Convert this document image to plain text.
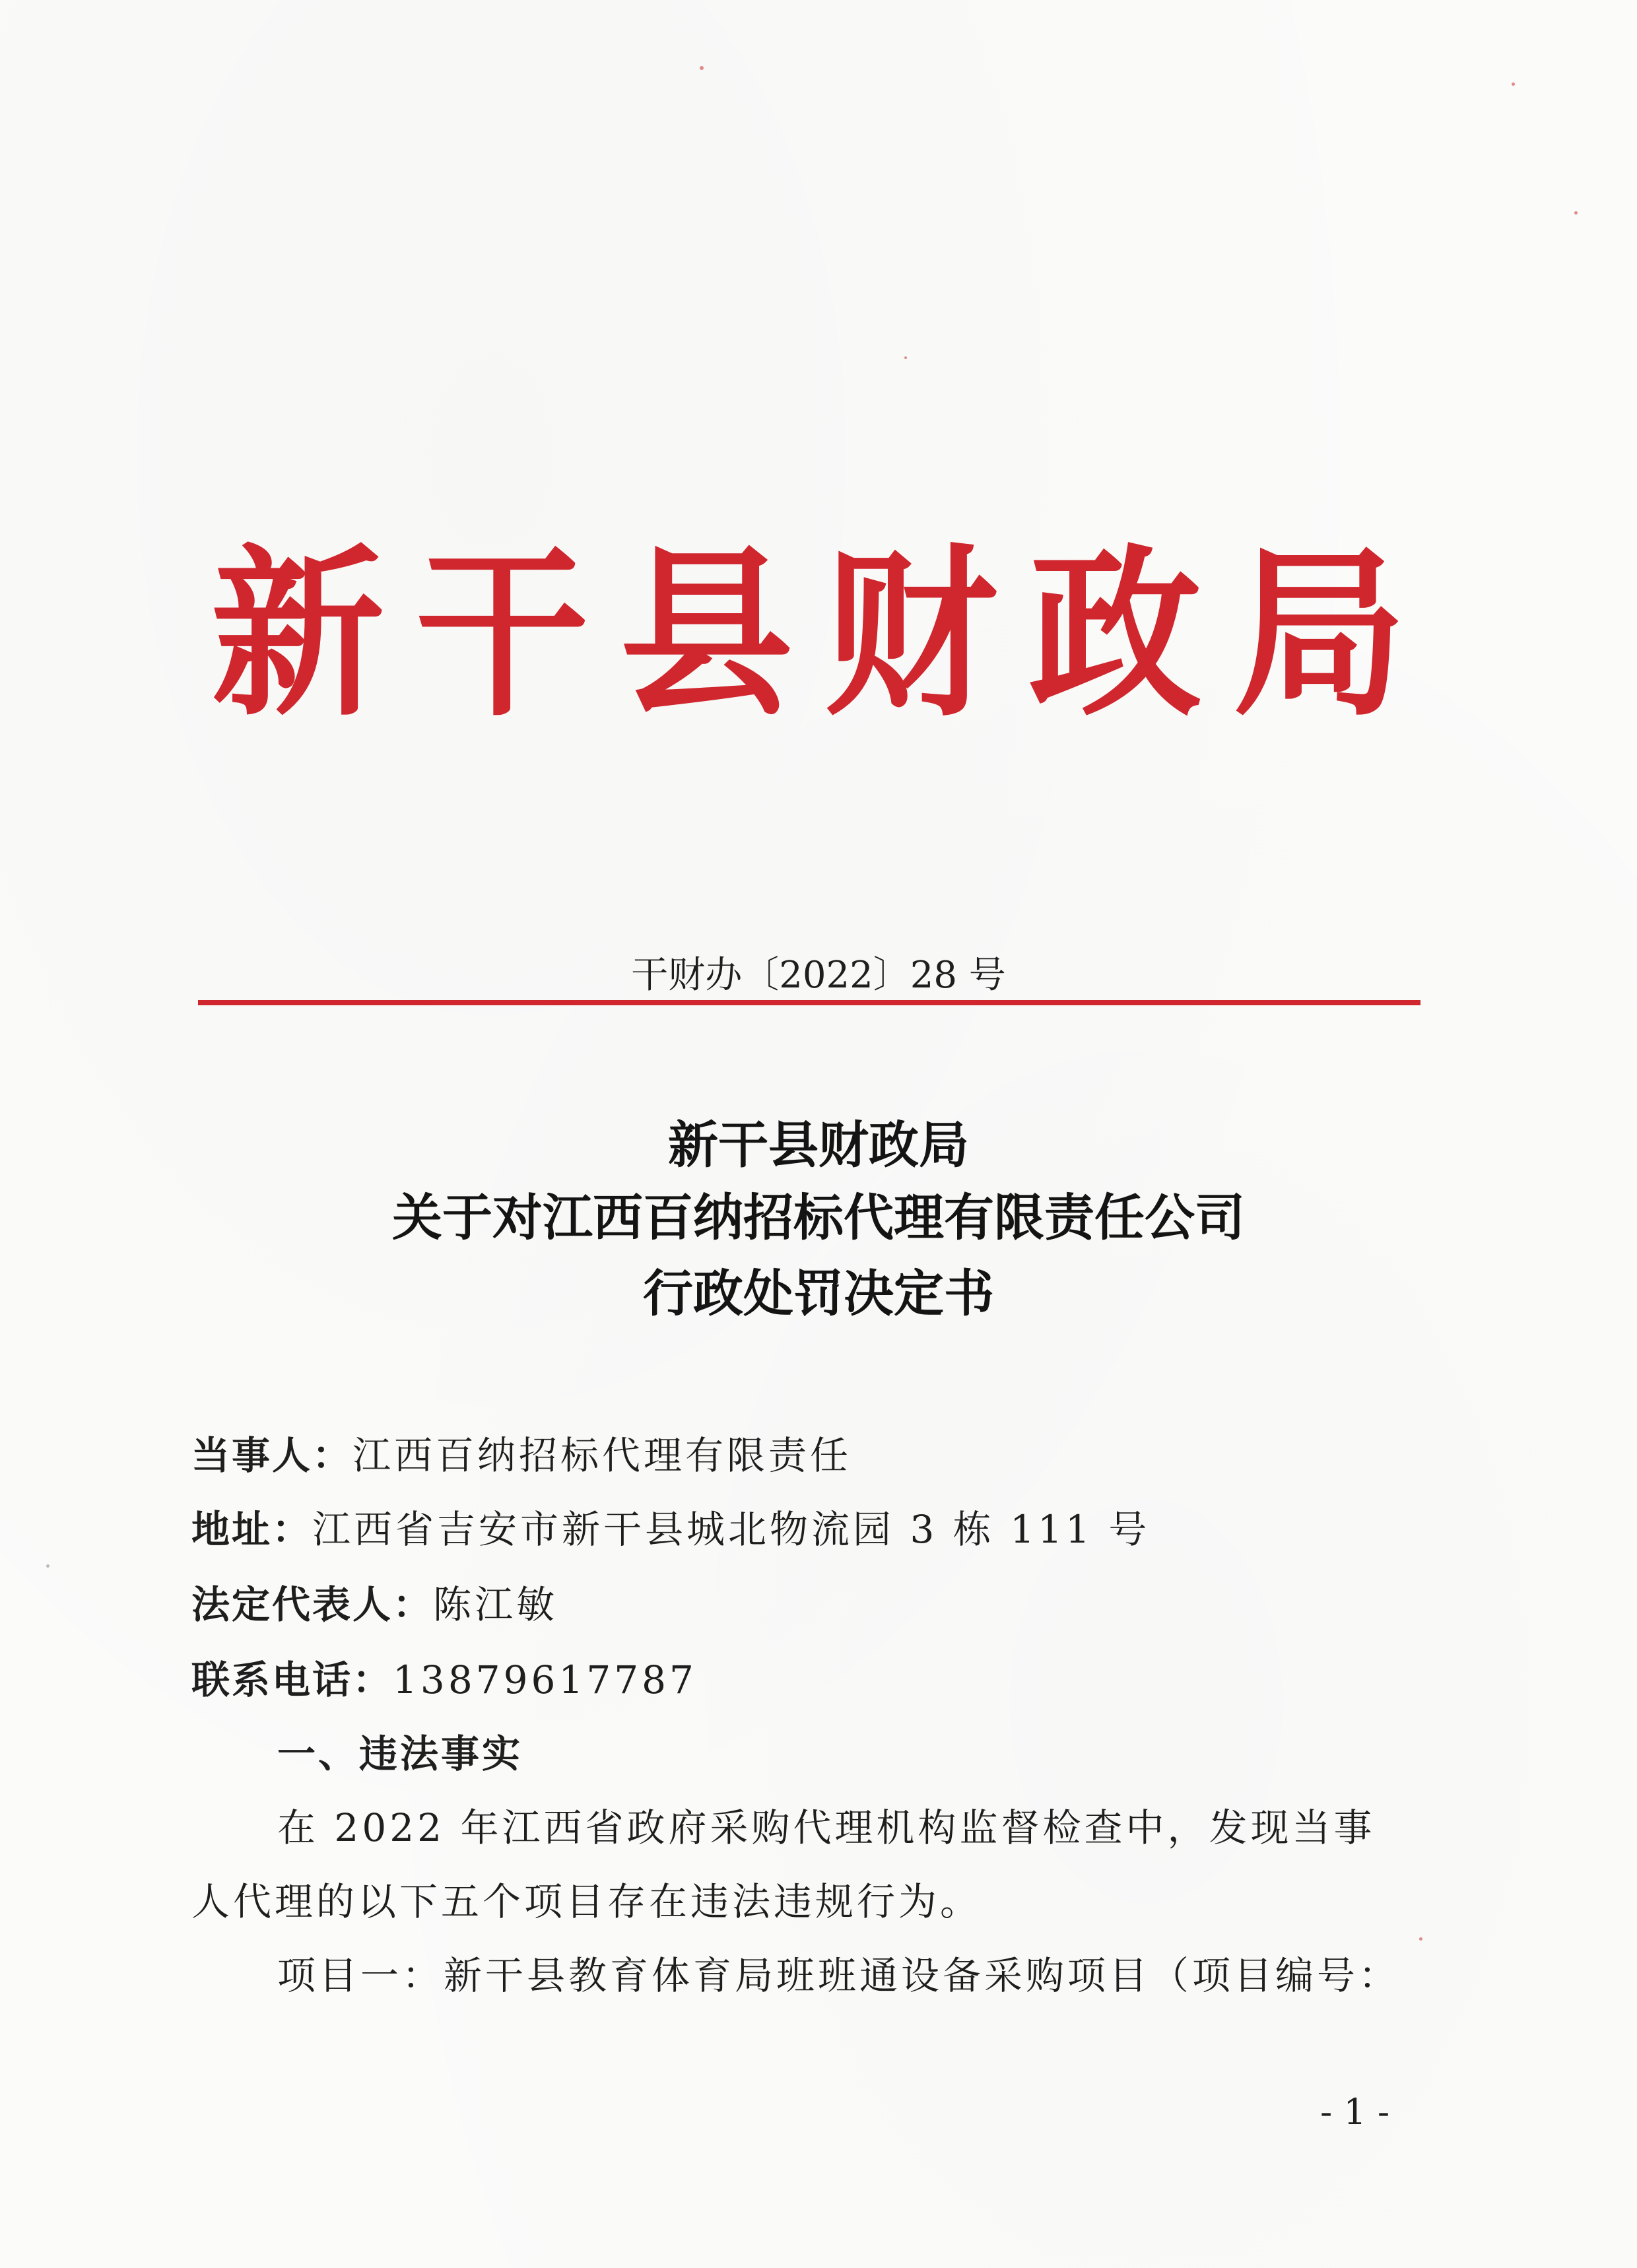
新 干 县 财 政 局
干财办〔2022〕28 号
新干县财政局
关于对江西百纳招标代理有限责任公司
行政处罚决定书
当事人：江西百纳招标代理有限责任
地址：江西省吉安市新干县城北物流园 3 栋 111 号
法定代表人：陈江敏
联系电话：13879617787
一、违法事实
在 2022 年江西省政府采购代理机构监督检查中，发现当事
人代理的以下五个项目存在违法违规行为。
项目一：新干县教育体育局班班通设备采购项目（项目编号：
- 1 -
